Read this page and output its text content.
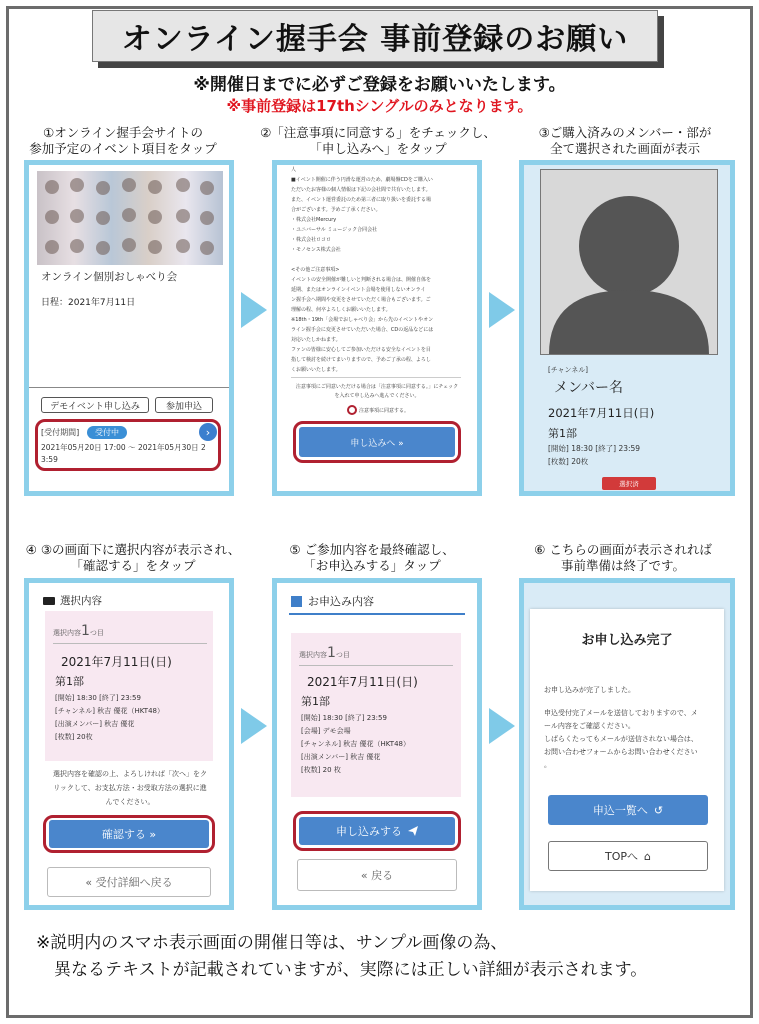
オンライン握手会 事前登録のお願い
※開催日までに必ずご登録をお願いいたします。
※事前登録は17thシングルのみとなります。
①オンライン握手会サイトの
参加予定のイベント項目をタップ
②「注意事項に同意する」をチェックし、
「申し込みへ」をタップ
③ご購入済みのメンバー・部が
全て選択された画面が表示
④ ③の画面下に選択内容が表示され、
「確認する」をタップ
⑤ ご参加内容を最終確認し、
「お申込みする」タップ
⑥ こちらの画面が表示されれば
事前準備は終了です。
オンライン個別おしゃべり会
日程：2021年7月11日
デモイベント申し込み	参加申込
[受付期間]	受付中	›
2021年05月20日 17:00 ～ 2021年05月30日 2
3:59
人
■イベント開催に伴う円滑な運営のため、劇場盤CDをご購入い
ただいたお客様の個人情報は下記の会社間で共有いたします。
また、イベント運営委託のため第三者に取り扱いを委託する場
合がございます。予めご了承ください。
・株式会社Mercury
・ユニバーサル ミュージック合同会社
・株式会社ロコロ
・モノセンス株式会社
<その他ご注意事項>
イベントの安全開催が難しいと判断される場合は、開催自体を
延期、またはオンラインイベント会場を使用しないオンライ
ン握手会へ期間や変更をさせていただく場合もございます。ご
理解の程、何卒よろしくお願いいたします。
※18th・19th「会場でおしゃべり会」から先のイベントやオン
ライン握手会に変更させていただいた場合、CDの返品などには
対応いたしかねます。
ファンの皆様に安心してご参加いただける安全なイベントを目
指して検討を続けてまいりますので、予めご了承の程、よろし
くお願いいたします。
注意事項にご同意いただける場合は「注意事項に同意する。」にチェック
を入れて申し込みへ進んでください。
注意事項に同意する。
申し込みへ »
[チャンネル]
メンバー名
2021年7月11日(日)
第1部
[開始] 18:30 [終了] 23:59
[枚数] 20枚
選択済
選択内容
選択内容1つ目
2021年7月11日(日)
第1部
[開始] 18:30 [終了] 23:59
[チャンネル] 秋吉 優花（HKT48）
[出演メンバー] 秋吉 優花
[枚数] 20枚
選択内容を確認の上、よろしければ「次へ」をク
リックして、お支払方法・お受取方法の選択に進
んでください。
確認する »
« 受付詳細へ戻る
お申込み内容
選択内容1つ目
2021年7月11日(日)
第1部
[開始] 18:30 [終了] 23:59
[会場] デモ会場
[チャンネル] 秋吉 優花（HKT48）
[出演メンバー] 秋吉 優花
[枚数] 20 枚
申し込みする
« 戻る
お申し込み完了
お申し込みが完了しました。
申込受付完了メールを送信しておりますので、メ
ール内容をご確認ください。
しばらくたってもメールが送信されない場合は、
お問い合わせフォームからお問い合わせください
。
申込一覧へ ↺
TOPへ ⌂
※説明内のスマホ表示画面の開催日等は、サンプル画像の為、
異なるテキストが記載されていますが、実際には正しい詳細が表示されます。
